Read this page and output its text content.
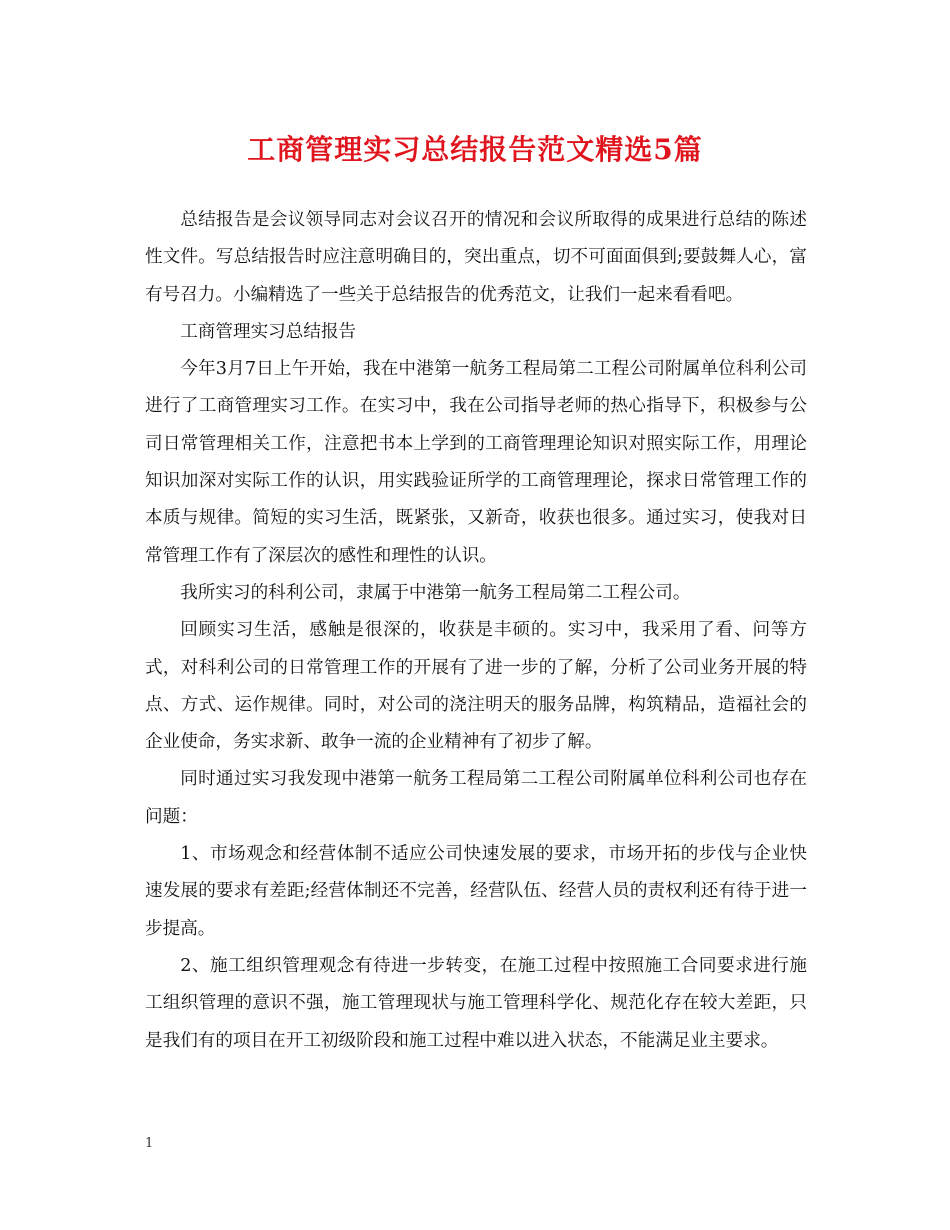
工商管理实习总结报告范文精选5篇

总结报告是会议领导同志对会议召开的情况和会议所取得的成果进行总结的陈述性文件。写总结报告时应注意明确目的，突出重点，切不可面面俱到;要鼓舞人心，富有号召力。小编精选了一些关于总结报告的优秀范文，让我们一起来看看吧。

工商管理实习总结报告

今年3月7日上午开始，我在中港第一航务工程局第二工程公司附属单位科利公司进行了工商管理实习工作。在实习中，我在公司指导老师的热心指导下，积极参与公司日常管理相关工作，注意把书本上学到的工商管理理论知识对照实际工作，用理论知识加深对实际工作的认识，用实践验证所学的工商管理理论，探求日常管理工作的本质与规律。简短的实习生活，既紧张，又新奇，收获也很多。通过实习，使我对日常管理工作有了深层次的感性和理性的认识。

我所实习的科利公司，隶属于中港第一航务工程局第二工程公司。

回顾实习生活，感触是很深的，收获是丰硕的。实习中，我采用了看、问等方式，对科利公司的日常管理工作的开展有了进一步的了解，分析了公司业务开展的特点、方式、运作规律。同时，对公司的浇注明天的服务品牌，构筑精品，造福社会的企业使命，务实求新、敢争一流的企业精神有了初步了解。

同时通过实习我发现中港第一航务工程局第二工程公司附属单位科利公司也存在问题：

1、市场观念和经营体制不适应公司快速发展的要求，市场开拓的步伐与企业快速发展的要求有差距;经营体制还不完善，经营队伍、经营人员的责权利还有待于进一步提高。

2、施工组织管理观念有待进一步转变，在施工过程中按照施工合同要求进行施工组织管理的意识不强，施工管理现状与施工管理科学化、规范化存在较大差距，只是我们有的项目在开工初级阶段和施工过程中难以进入状态，不能满足业主要求。

1
